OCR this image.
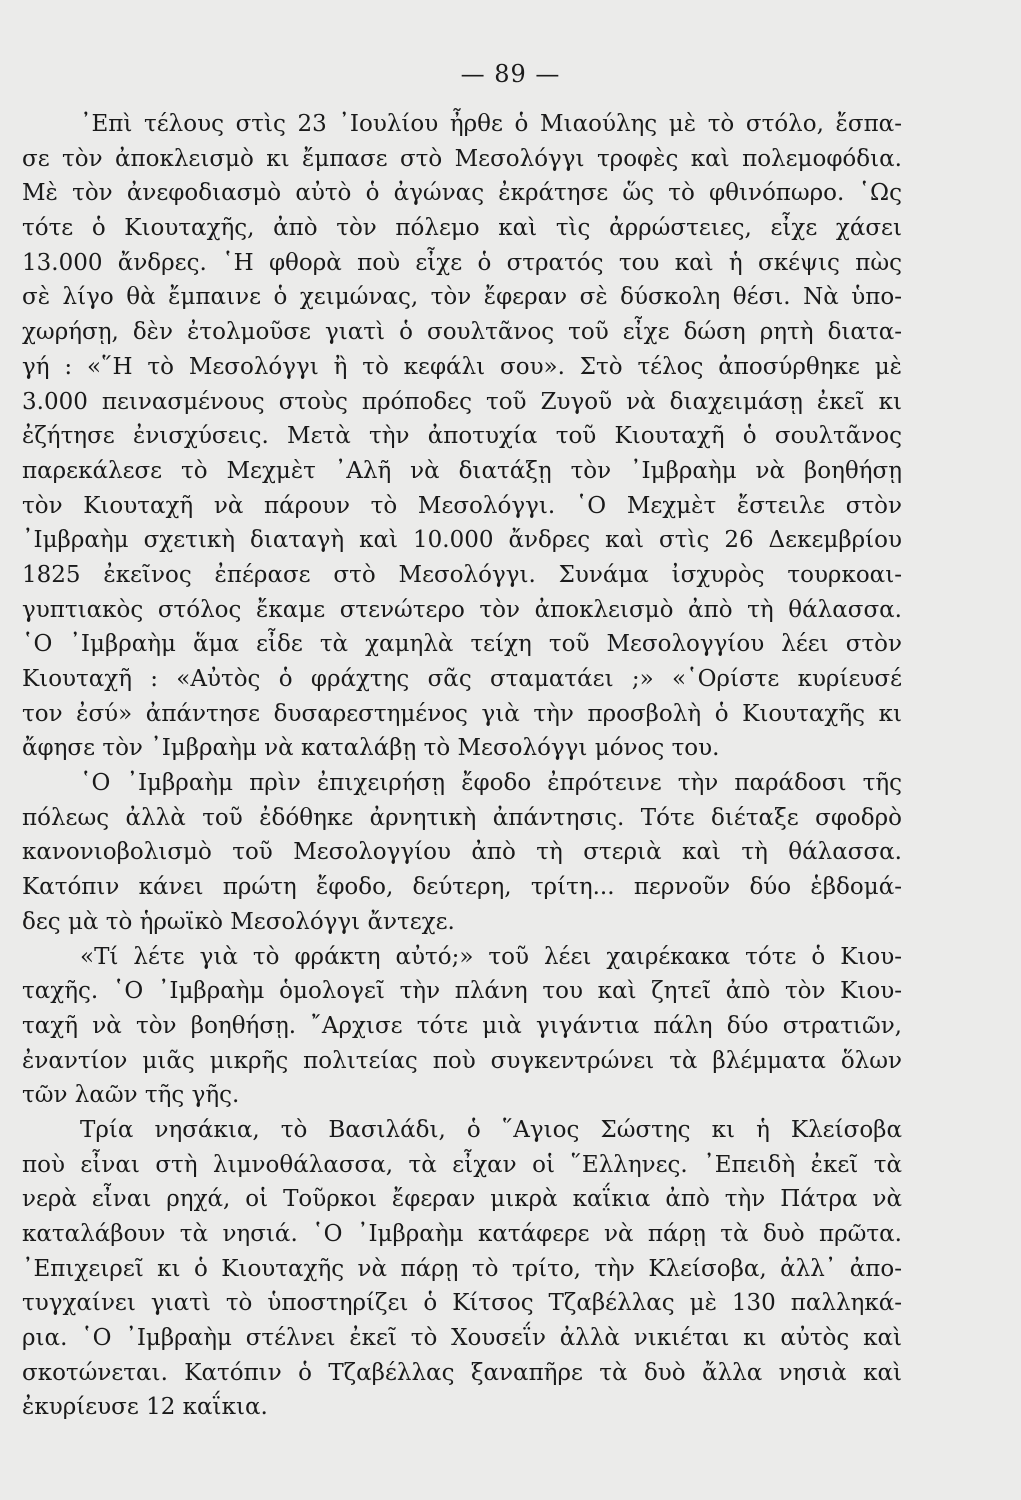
— 89 —
᾽Επὶ τέλους στὶς 23 ᾽Ιουλίου ἦρθε ὁ Μιαούλης μὲ τὸ στόλο, ἔσπα-
σε τὸν ἀποκλεισμὸ κι ἔμπασε στὸ Μεσολόγγι τροφὲς καὶ πολεμοφόδια.
Μὲ τὸν ἀνεφοδιασμὸ αὐτὸ ὁ ἀγώνας ἐκράτησε ὥς τὸ φθινόπωρο. ῾Ως
τότε ὁ Κιουταχῆς, ἀπὸ τὸν πόλεμο καὶ τὶς ἀρρώστειες, εἶχε χάσει
13.000 ἄνδρες. ῾Η φθορὰ ποὺ εἶχε ὁ στρατός του καὶ ἡ σκέψις πὼς
σὲ λίγο θὰ ἔμπαινε ὁ χειμώνας, τὸν ἔφεραν σὲ δύσκολη θέσι. Νὰ ὑπο-
χωρήσῃ, δὲν ἐτολμοῦσε γιατὶ ὁ σουλτᾶνος τοῦ εἶχε δώση ρητὴ διατα-
γή : «῞Η τὸ Μεσολόγγι ἢ τὸ κεφάλι σου». Στὸ τέλος ἀποσύρθηκε μὲ
3.000 πεινασμένους στοὺς πρόποδες τοῦ Ζυγοῦ νὰ διαχειμάσῃ ἐκεῖ κι
ἐζήτησε ἐνισχύσεις. Μετὰ τὴν ἀποτυχία τοῦ Κιουταχῆ ὁ σουλτᾶνος
παρεκάλεσε τὸ Μεχμὲτ ᾽Αλῆ νὰ διατάξῃ τὸν ᾽Ιμβραὴμ νὰ βοηθήσῃ
τὸν Κιουταχῆ νὰ πάρουν τὸ Μεσολόγγι. ῾Ο Μεχμὲτ ἔστειλε στὸν
᾽Ιμβραὴμ σχετικὴ διαταγὴ καὶ 10.000 ἄνδρες καὶ στὶς 26 Δεκεμβρίου
1825 ἐκεῖνος ἐπέρασε στὸ Μεσολόγγι. Συνάμα ἰσχυρὸς τουρκοαι-
γυπτιακὸς στόλος ἔκαμε στενώτερο τὸν ἀποκλεισμὸ ἀπὸ τὴ θάλασσα.
῾Ο ᾽Ιμβραὴμ ἅμα εἶδε τὰ χαμηλὰ τείχη τοῦ Μεσολογγίου λέει στὸν
Κιουταχῆ : «Αὐτὸς ὁ φράχτης σᾶς σταματάει ;» «῾Ορίστε κυρίευσέ
τον ἐσύ» ἀπάντησε δυσαρεστημένος γιὰ τὴν προσβολὴ ὁ Κιουταχῆς κι
ἄφησε τὸν ᾽Ιμβραὴμ νὰ καταλάβῃ τὸ Μεσολόγγι μόνος του.
῾Ο ᾽Ιμβραὴμ πρὶν ἐπιχειρήσῃ ἔφοδο ἐπρότεινε τὴν παράδοσι τῆς
πόλεως ἀλλὰ τοῦ ἐδόθηκε ἀρνητικὴ ἀπάντησις. Τότε διέταξε σφοδρὸ
κανονιοβολισμὸ τοῦ Μεσολογγίου ἀπὸ τὴ στεριὰ καὶ τὴ θάλασσα.
Κατόπιν κάνει πρώτη ἔφοδο, δεύτερη, τρίτη... περνοῦν δύο ἑβδομά-
δες μὰ τὸ ἡρωϊκὸ Μεσολόγγι ἄντεχε.
«Τί λέτε γιὰ τὸ φράκτη αὐτό;» τοῦ λέει χαιρέκακα τότε ὁ Κιου-
ταχῆς. ῾Ο ᾽Ιμβραὴμ ὁμολογεῖ τὴν πλάνη του καὶ ζητεῖ ἀπὸ τὸν Κιου-
ταχῆ νὰ τὸν βοηθήσῃ. ῎Αρχισε τότε μιὰ γιγάντια πάλη δύο στρατιῶν,
ἐναντίον μιᾶς μικρῆς πολιτείας ποὺ συγκεντρώνει τὰ βλέμματα ὅλων
τῶν λαῶν τῆς γῆς.
Τρία νησάκια, τὸ Βασιλάδι, ὁ ῞Αγιος Σώστης κι ἡ Κλείσοβα
ποὺ εἶναι στὴ λιμνοθάλασσα, τὰ εἶχαν οἱ ῞Ελληνες. ᾽Επειδὴ ἐκεῖ τὰ
νερὰ εἶναι ρηχά, οἱ Τοῦρκοι ἔφεραν μικρὰ καΐκια ἀπὸ τὴν Πάτρα νὰ
καταλάβουν τὰ νησιά. ῾Ο ᾽Ιμβραὴμ κατάφερε νὰ πάρῃ τὰ δυὸ πρῶτα.
᾽Επιχειρεῖ κι ὁ Κιουταχῆς νὰ πάρῃ τὸ τρίτο, τὴν Κλείσοβα, ἀλλ᾽ ἀπο-
τυγχαίνει γιατὶ τὸ ὑποστηρίζει ὁ Κίτσος Τζαβέλλας μὲ 130 παλληκά-
ρια. ῾Ο ᾽Ιμβραὴμ στέλνει ἐκεῖ τὸ Χουσεΐν ἀλλὰ νικιέται κι αὐτὸς καὶ
σκοτώνεται. Κατόπιν ὁ Τζαβέλλας ξαναπῆρε τὰ δυὸ ἄλλα νησιὰ καὶ
ἐκυρίευσε 12 καΐκια.
